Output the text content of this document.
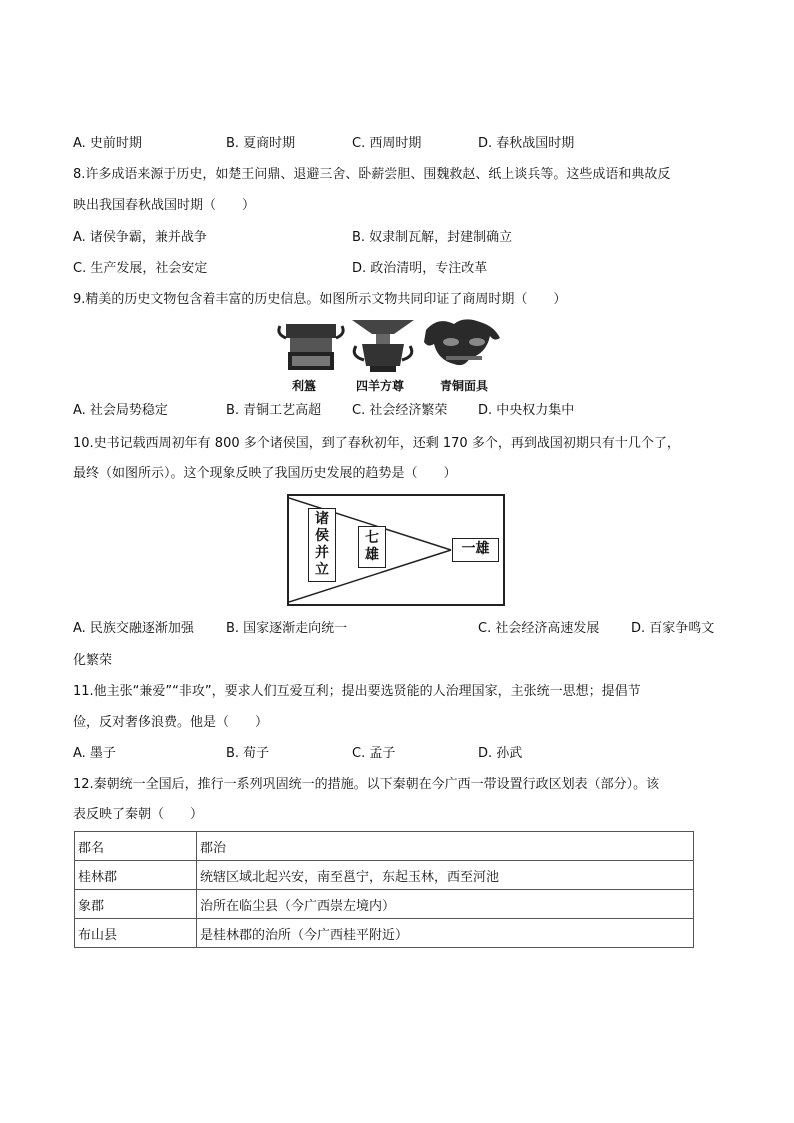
A. 史前时期	B. 夏商时期	C. 西周时期	D. 春秋战国时期
8.许多成语来源于历史，如楚王问鼎、退避三舍、卧薪尝胆、围魏救赵、纸上谈兵等。这些成语和典故反
映出我国春秋战国时期（　　）
A. 诸侯争霸，兼并战争	B. 奴隶制瓦解，封建制确立
C. 生产发展，社会安定	D. 政治清明，专注改革
9.精美的历史文物包含着丰富的历史信息。如图所示文物共同印证了商周时期（　　）
利簋	四羊方尊	青铜面具
A. 社会局势稳定	B. 青铜工艺高超 C. 社会经济繁荣 D. 中央权力集中
10.史书记载西周初年有 800 多个诸侯国，到了春秋初年，还剩 170 多个，再到战国初期只有十几个了，
最终（如图所示）。这个现象反映了我国历史发展的趋势是（　　）
诸
侯
并
立
七
雄	一雄
A. 民族交融逐渐加强 B. 国家逐渐走向统一	C. 社会经济高速发展 D. 百家争鸣文
化繁荣
11.他主张“兼爱”“非攻”，要求人们互爱互利；提出要选贤能的人治理国家，主张统一思想；提倡节
俭，反对奢侈浪费。他是（　　）
A. 墨子	B. 荀子	C. 孟子	D. 孙武
12.秦朝统一全国后，推行一系列巩固统一的措施。以下秦朝在今广西一带设置行政区划表（部分）。该
表反映了秦朝（　　）
郡名	郡治
桂林郡	统辖区域北起兴安，南至邕宁，东起玉林，西至河池
象郡	治所在临尘县（今广西崇左境内）
布山县	是桂林郡的治所（今广西桂平附近）
